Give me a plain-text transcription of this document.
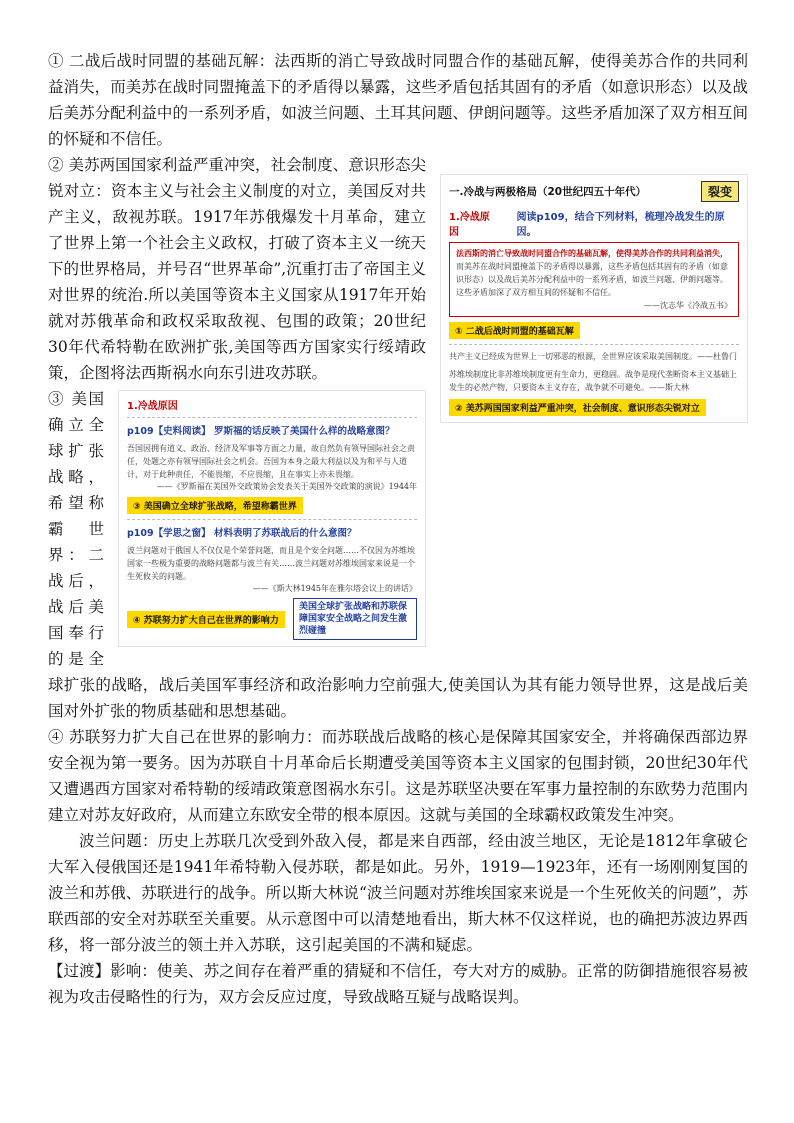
① 二战后战时同盟的基础瓦解：法西斯的消亡导致战时同盟合作的基础瓦解，使得美苏合作的共同利益消失，而美苏在战时同盟掩盖下的矛盾得以暴露，这些矛盾包括其固有的矛盾（如意识形态）以及战后美苏分配利益中的一系列矛盾，如波兰问题、土耳其问题、伊朗问题等。这些矛盾加深了双方相互间的怀疑和不信任。

一.冷战与两极格局（20世纪四五十年代）	裂变
1.冷战原因
阅读p109，结合下列材料，梳理冷战发生的原因。
法西斯的消亡导致战时同盟合作的基础瓦解，使得美苏合作的共同利益消失，而美苏在战时同盟掩盖下的矛盾得以暴露，这些矛盾包括其固有的矛盾（如意识形态）以及战后美苏分配利益中的一系列矛盾，如波兰问题、伊朗问题等。这些矛盾加深了双方相互间的怀疑和不信任。
——沈志华《冷战五书》
① 二战后战时同盟的基础瓦解
共产主义已经成为世界上一切邪恶的根源，全世界应该采取美国制度。——杜鲁门
苏维埃制度比非苏维埃制度更有生命力，更稳固。战争是现代垄断资本主义基础上发生的必然产物，只要资本主义存在，战争就不可避免。——斯大林
② 美苏两国国家利益严重冲突，社会制度、意识形态尖锐对立

② 美苏两国国家利益严重冲突，社会制度、意识形态尖锐对立：资本主义与社会主义制度的对立，美国反对共产主义，敌视苏联。1917年苏俄爆发十月革命，建立了世界上第一个社会主义政权，打破了资本主义一统天下的世界格局，并号召“世界革命”,沉重打击了帝国主义对世界的统治.所以美国等资本主义国家从1917年开始就对苏俄革命和政权采取敌视、包围的政策；20世纪30年代希特勒在欧洲扩张,美国等西方国家实行绥靖政策，企图将法西斯祸水向东引进攻苏联。

1.冷战原因
p109【史料阅读】 罗斯福的话反映了美国什么样的战略意图？
吾国因拥有道义、政治、经济及军事等方面之力量，故自然负有领导国际社会之责任，处题之亦有领导国际社会之机会。吾国为本身之最大利益以及为和平与人道计，对于此种责任，不能畏缩，不应畏缩，且在事实上亦未畏缩。
——《罗斯福在美国外交政策协会发表关于美国外交政策的演说》1944年
③ 美国确立全球扩张战略，希望称霸世界
p109【学思之窗】 材料表明了苏联战后的什么意图？
波兰问题对于俄国人不仅仅是个荣誉问题，而且是个安全问题……不仅因为苏维埃国家一些极为重要的战略问题都与波兰有关……波兰问题对苏维埃国家来说是一个生死攸关的问题。
——《斯大林1945年在雅尔塔会议上的讲话》
④ 苏联努力扩大自己在世界的影响力
美国全球扩张战略和苏联保障国家安全战略之间发生激烈碰撞

③ 美国确立全球扩张战略，希望称霸世界：二战后，战后美国奉行的是全球扩张的战略，战后美国军事经济和政治影响力空前强大,使美国认为其有能力领导世界，这是战后美国对外扩张的物质基础和思想基础。

④ 苏联努力扩大自己在世界的影响力：而苏联战后战略的核心是保障其国家安全，并将确保西部边界安全视为第一要务。因为苏联自十月革命后长期遭受美国等资本主义国家的包围封锁，20世纪30年代又遭遇西方国家对希特勒的绥靖政策意图祸水东引。这是苏联坚决要在军事力量控制的东欧势力范围内建立对苏友好政府，从而建立东欧安全带的根本原因。这就与美国的全球霸权政策发生冲突。

波兰问题：历史上苏联几次受到外敌入侵，都是来自西部，经由波兰地区，无论是1812年拿破仑大军入侵俄国还是1941年希特勒入侵苏联，都是如此。另外，1919—1923年，还有一场刚刚复国的波兰和苏俄、苏联进行的战争。所以斯大林说“波兰问题对苏维埃国家来说是一个生死攸关的问题”，苏联西部的安全对苏联至关重要。从示意图中可以清楚地看出，斯大林不仅这样说，也的确把苏波边界西移，将一部分波兰的领土并入苏联，这引起美国的不满和疑虑。

【过渡】影响：使美、苏之间存在着严重的猜疑和不信任，夸大对方的威胁。正常的防御措施很容易被视为攻击侵略性的行为，双方会反应过度，导致战略互疑与战略误判。
